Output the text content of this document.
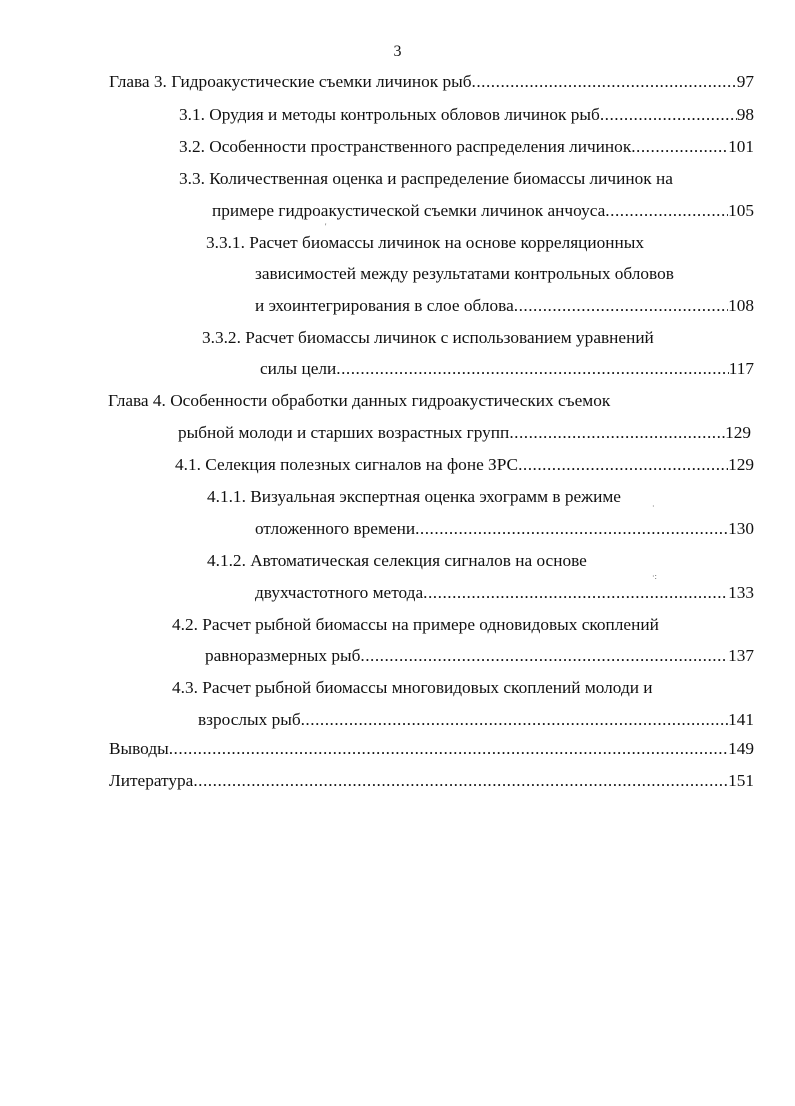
3
Глава 3. Гидроакустические съемки личинок рыб .....	97
3.1. Орудия и методы контрольных обловов личинок рыб .....	98
3.2. Особенности пространственного распределения личинок .....	101
3.3. Количественная оценка и распределение биомассы личинок на
примере гидроакустической съемки личинок анчоуса .....	105
3.3.1. Расчет биомассы личинок на основе корреляционных
зависимостей между результатами контрольных обловов
и эхоинтегрирования в слое облова .....	108
3.3.2. Расчет биомассы личинок с использованием уравнений
силы цели .....	117
Глава 4. Особенности обработки данных гидроакустических съемок
рыбной молоди и старших возрастных групп .....	129
4.1. Селекция полезных сигналов на фоне ЗРС .....	129
4.1.1. Визуальная экспертная оценка эхограмм в режиме
отложенного времени .....	130
4.1.2. Автоматическая селекция сигналов на основе
двухчастотного метода .....	133
4.2. Расчет рыбной биомассы на примере одновидовых скоплений
равноразмерных рыб .....	137
4.3. Расчет рыбной биомассы многовидовых скоплений молоди и
взрослых рыб .....	141
Выводы .....	149
Литература .....	151
'
·
·:
